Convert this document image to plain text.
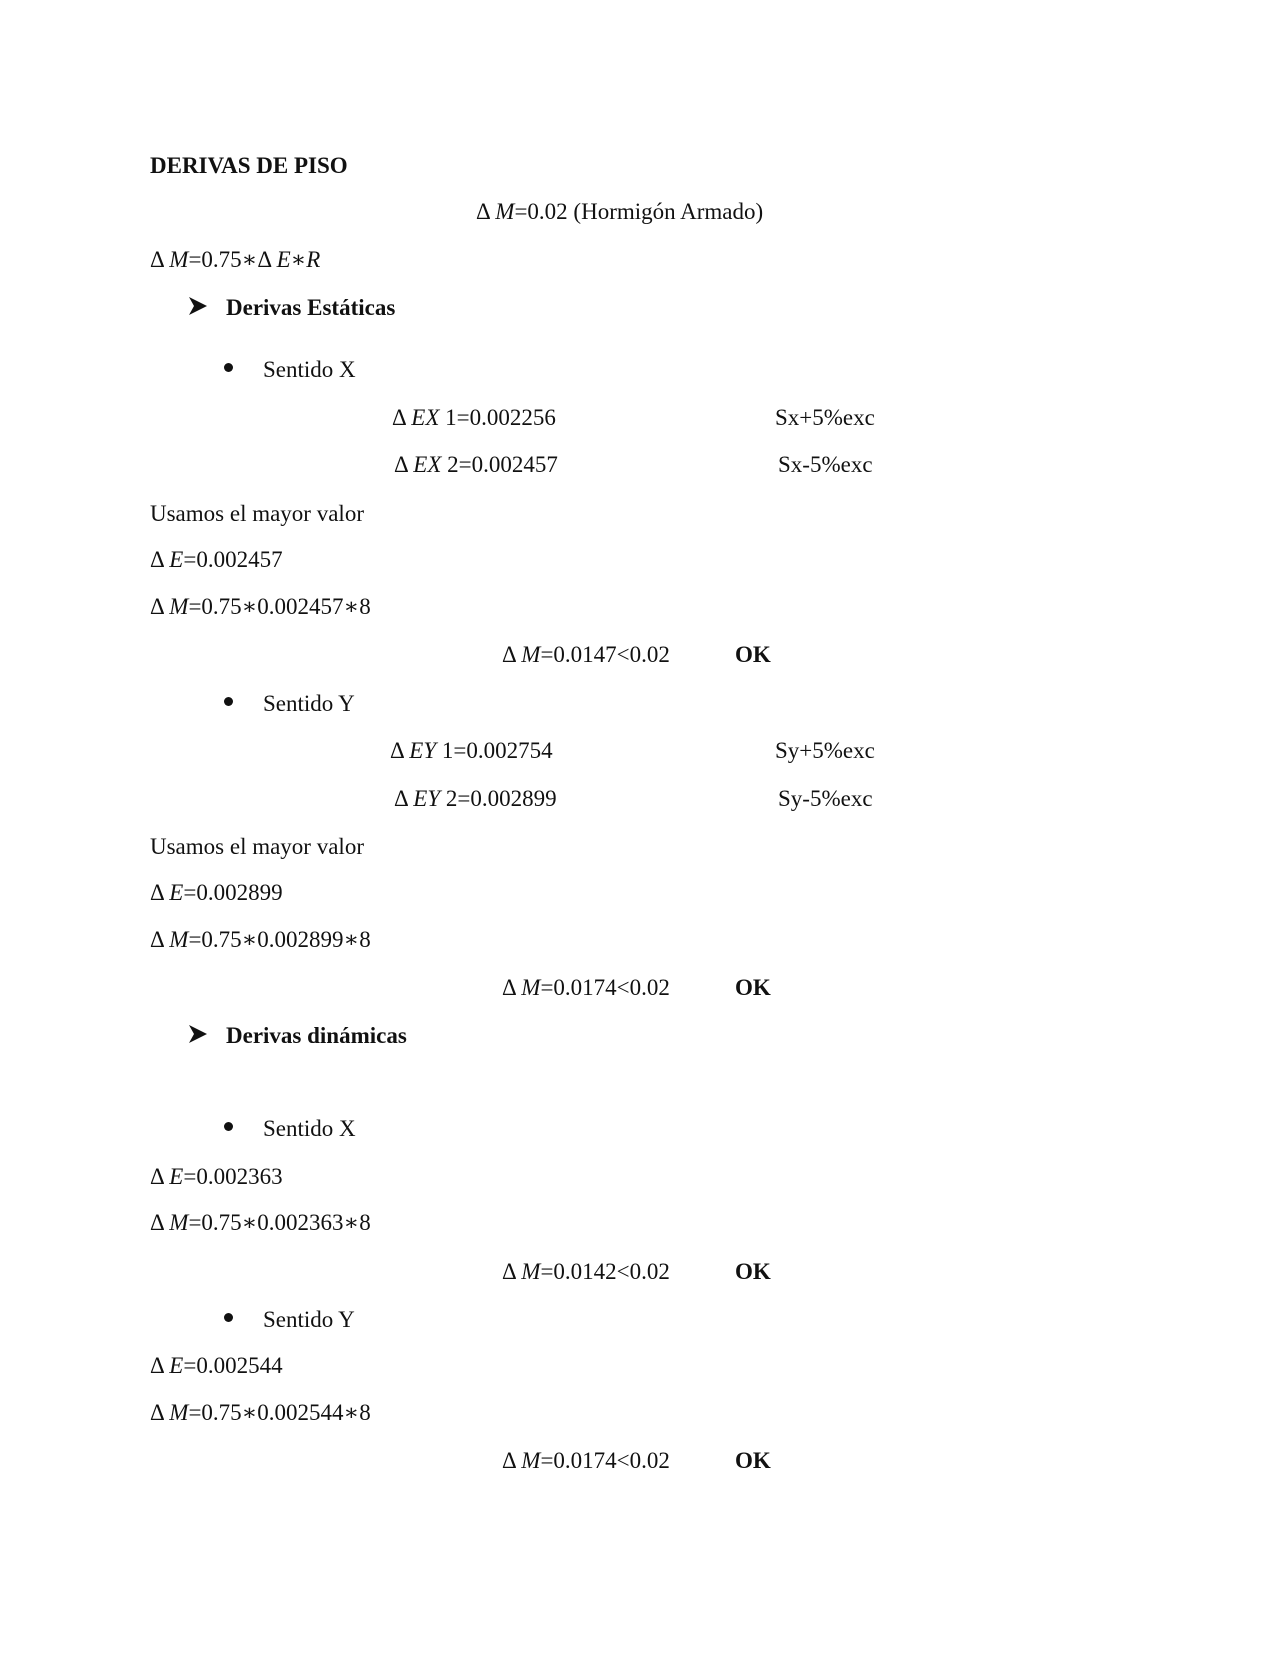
DERIVAS DE PISO
Δ M=0.02 (Hormigón Armado)
Δ M=0.75∗Δ E∗R
Derivas Estáticas
Sentido X
Δ EX 1=0.002256	Sx+5%exc
Δ EX 2=0.002457	Sx-5%exc
Usamos el mayor valor
Δ E=0.002457
Δ M=0.75∗0.002457∗8
Δ M=0.0147<0.02	OK
Sentido Y
Δ EY 1=0.002754	Sy+5%exc
Δ EY 2=0.002899	Sy-5%exc
Usamos el mayor valor
Δ E=0.002899
Δ M=0.75∗0.002899∗8
Δ M=0.0174<0.02	OK
Derivas dinámicas
Sentido X
Δ E=0.002363
Δ M=0.75∗0.002363∗8
Δ M=0.0142<0.02	OK
Sentido Y
Δ E=0.002544
Δ M=0.75∗0.002544∗8
Δ M=0.0174<0.02	OK
